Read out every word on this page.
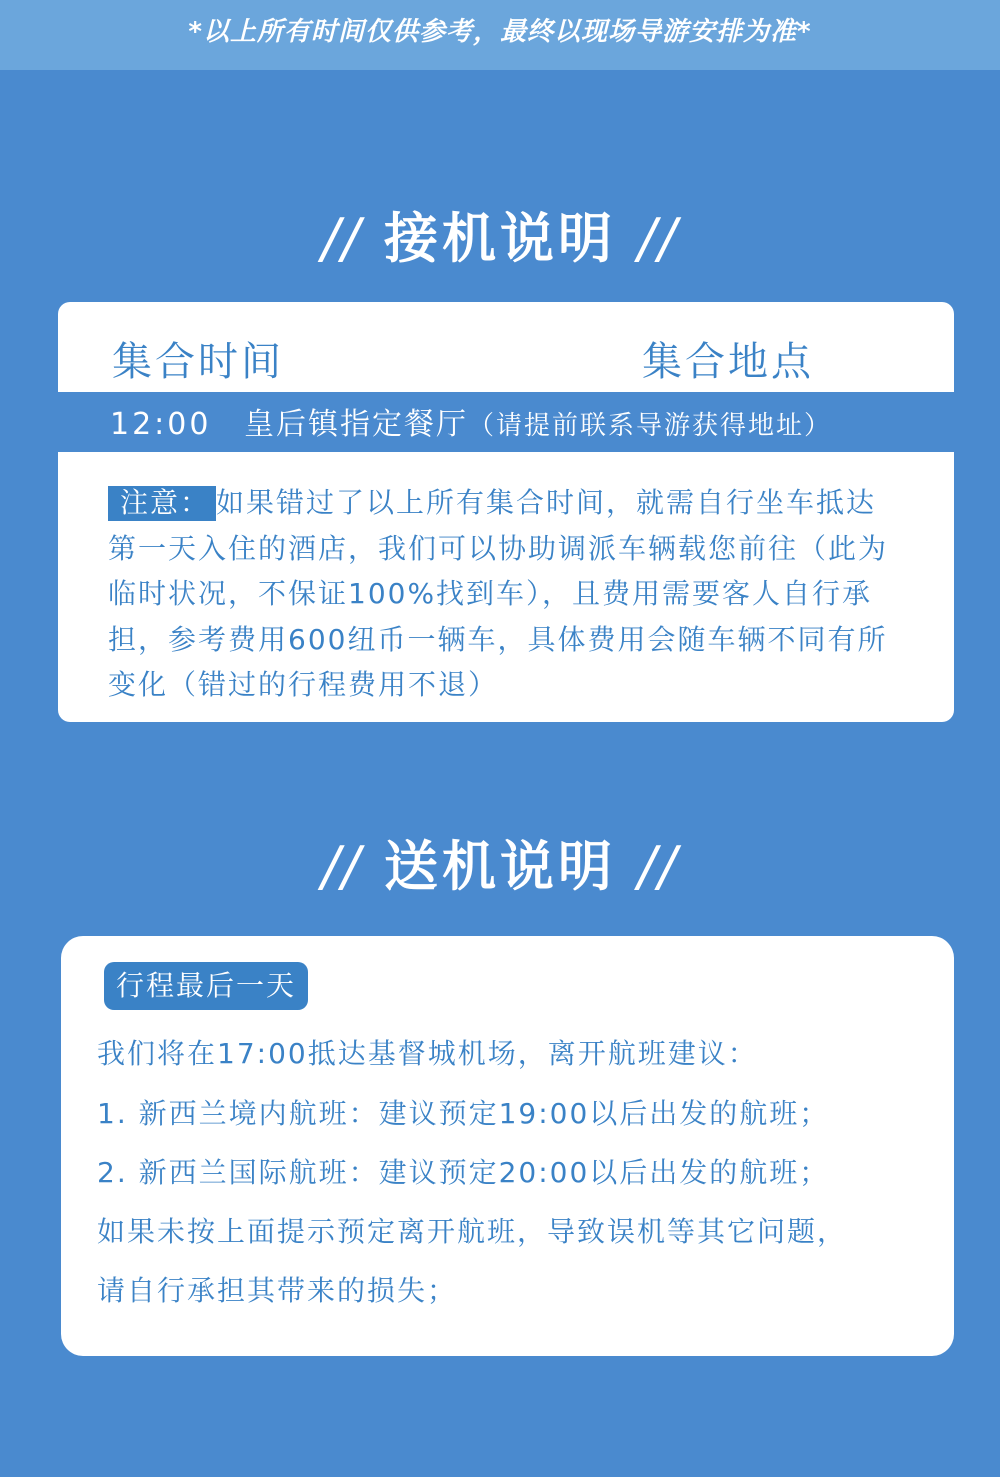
*以上所有时间仅供参考，最终以现场导游安排为准*
// 接机说明 //
集合时间	集合地点
12:00 皇后镇指定餐厅（请提前联系导游获得地址）

注意： 如果错过了以上所有集合时间，就需自行坐车抵达第一天入住的酒店，我们可以协助调派车辆载您前往（此为临时状况，不保证100%找到车），且费用需要客人自行承担，参考费用600纽币一辆车，具体费用会随车辆不同有所变化（错过的行程费用不退）

// 送机说明 //
行程最后一天
我们将在17:00抵达基督城机场，离开航班建议：
1. 新西兰境内航班：建议预定19:00以后出发的航班；
2. 新西兰国际航班：建议预定20:00以后出发的航班；
如果未按上面提示预定离开航班，导致误机等其它问题，
请自行承担其带来的损失；
